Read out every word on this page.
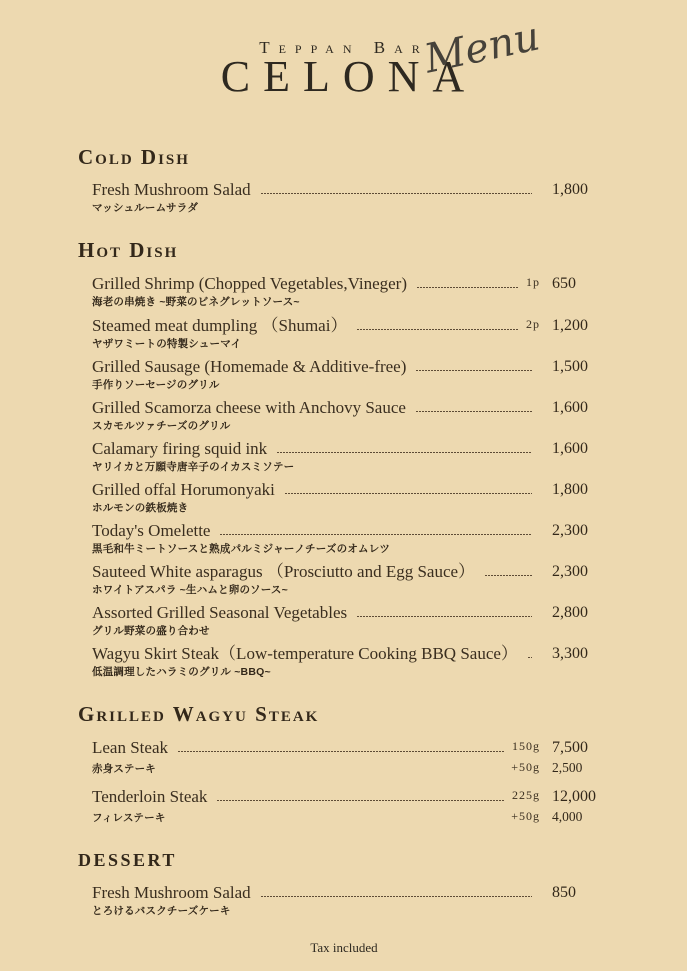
Teppan Bar
Menu
CELONA
Cold Dish
Fresh Mushroom Salad	1,800
マッシュルームサラダ
Hot Dish
Grilled Shrimp (Chopped Vegetables,Vineger)	1p 650
海老の串焼き ~野菜のビネグレットソース~
Steamed meat dumpling （Shumai）	2p 1,200
ヤザワミートの特製シューマイ
Grilled Sausage (Homemade & Additive-free)	1,500
手作りソーセージのグリル
Grilled Scamorza cheese with Anchovy Sauce	1,600
スカモルツァチーズのグリル
Calamary firing squid ink	1,600
ヤリイカと万願寺唐辛子のイカスミソテー
Grilled offal Horumonyaki	1,800
ホルモンの鉄板焼き
Today's Omelette	2,300
黒毛和牛ミートソースと熟成パルミジャーノチーズのオムレツ
Sauteed White asparagus （Prosciutto and Egg Sauce）	2,300
ホワイトアスパラ ~生ハムと卵のソース~
Assorted Grilled Seasonal Vegetables	2,800
グリル野菜の盛り合わせ
Wagyu Skirt Steak（Low-temperature Cooking BBQ Sauce） 3,300
低温調理したハラミのグリル ~BBQ~
Grilled Wagyu Steak
Lean Steak	150g 7,500
赤身ステーキ	+50g 2,500
Tenderloin Steak	225g 12,000
フィレステーキ	+50g 4,000
DESSERT
Fresh Mushroom Salad	850
とろけるバスクチーズケーキ
Tax included
